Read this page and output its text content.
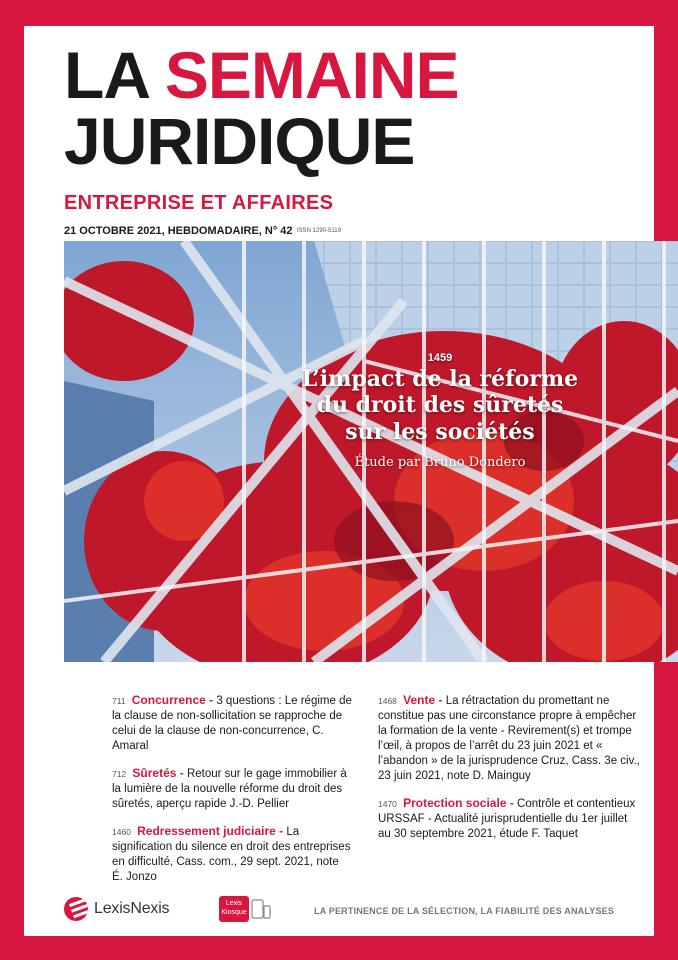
LA SEMAINE
JURIDIQUE
ENTREPRISE ET AFFAIRES
21 OCTOBRE 2021, HEBDOMADAIRE, N° 42 ISSN 1290-5119
1459
L’impact de la réforme
du droit des sûretés
sur les sociétés
Étude par Bruno Dondero
711 Concurrence - 3 questions : Le régime de la clause de non-sollicitation se rapproche de celui de la clause de non-concurrence, C. Amaral
712 Sûretés - Retour sur le gage immobilier à la lumière de la nouvelle réforme du droit des sûretés, aperçu rapide J.-D. Pellier
1460 Redressement judiciaire - La signification du silence en droit des entreprises en difficulté, Cass. com., 29 sept. 2021, note É. Jonzo
1468 Vente - La rétractation du promettant ne constitue pas une circonstance propre à empêcher la formation de la vente - Revirement(s) et trompe l’œil, à propos de l’arrêt du 23 juin 2021 et « l’abandon » de la jurisprudence Cruz, Cass. 3e civ., 23 juin 2021, note D. Mainguy
1470 Protection sociale - Contrôle et contentieux URSSAF - Actualité jurisprudentielle du 1er juillet au 30 septembre 2021, étude F. Taquet
LexisNexis	Lexis
Kiosque	LA PERTINENCE DE LA SÉLECTION, LA FIABILITÉ DES ANALYSES
